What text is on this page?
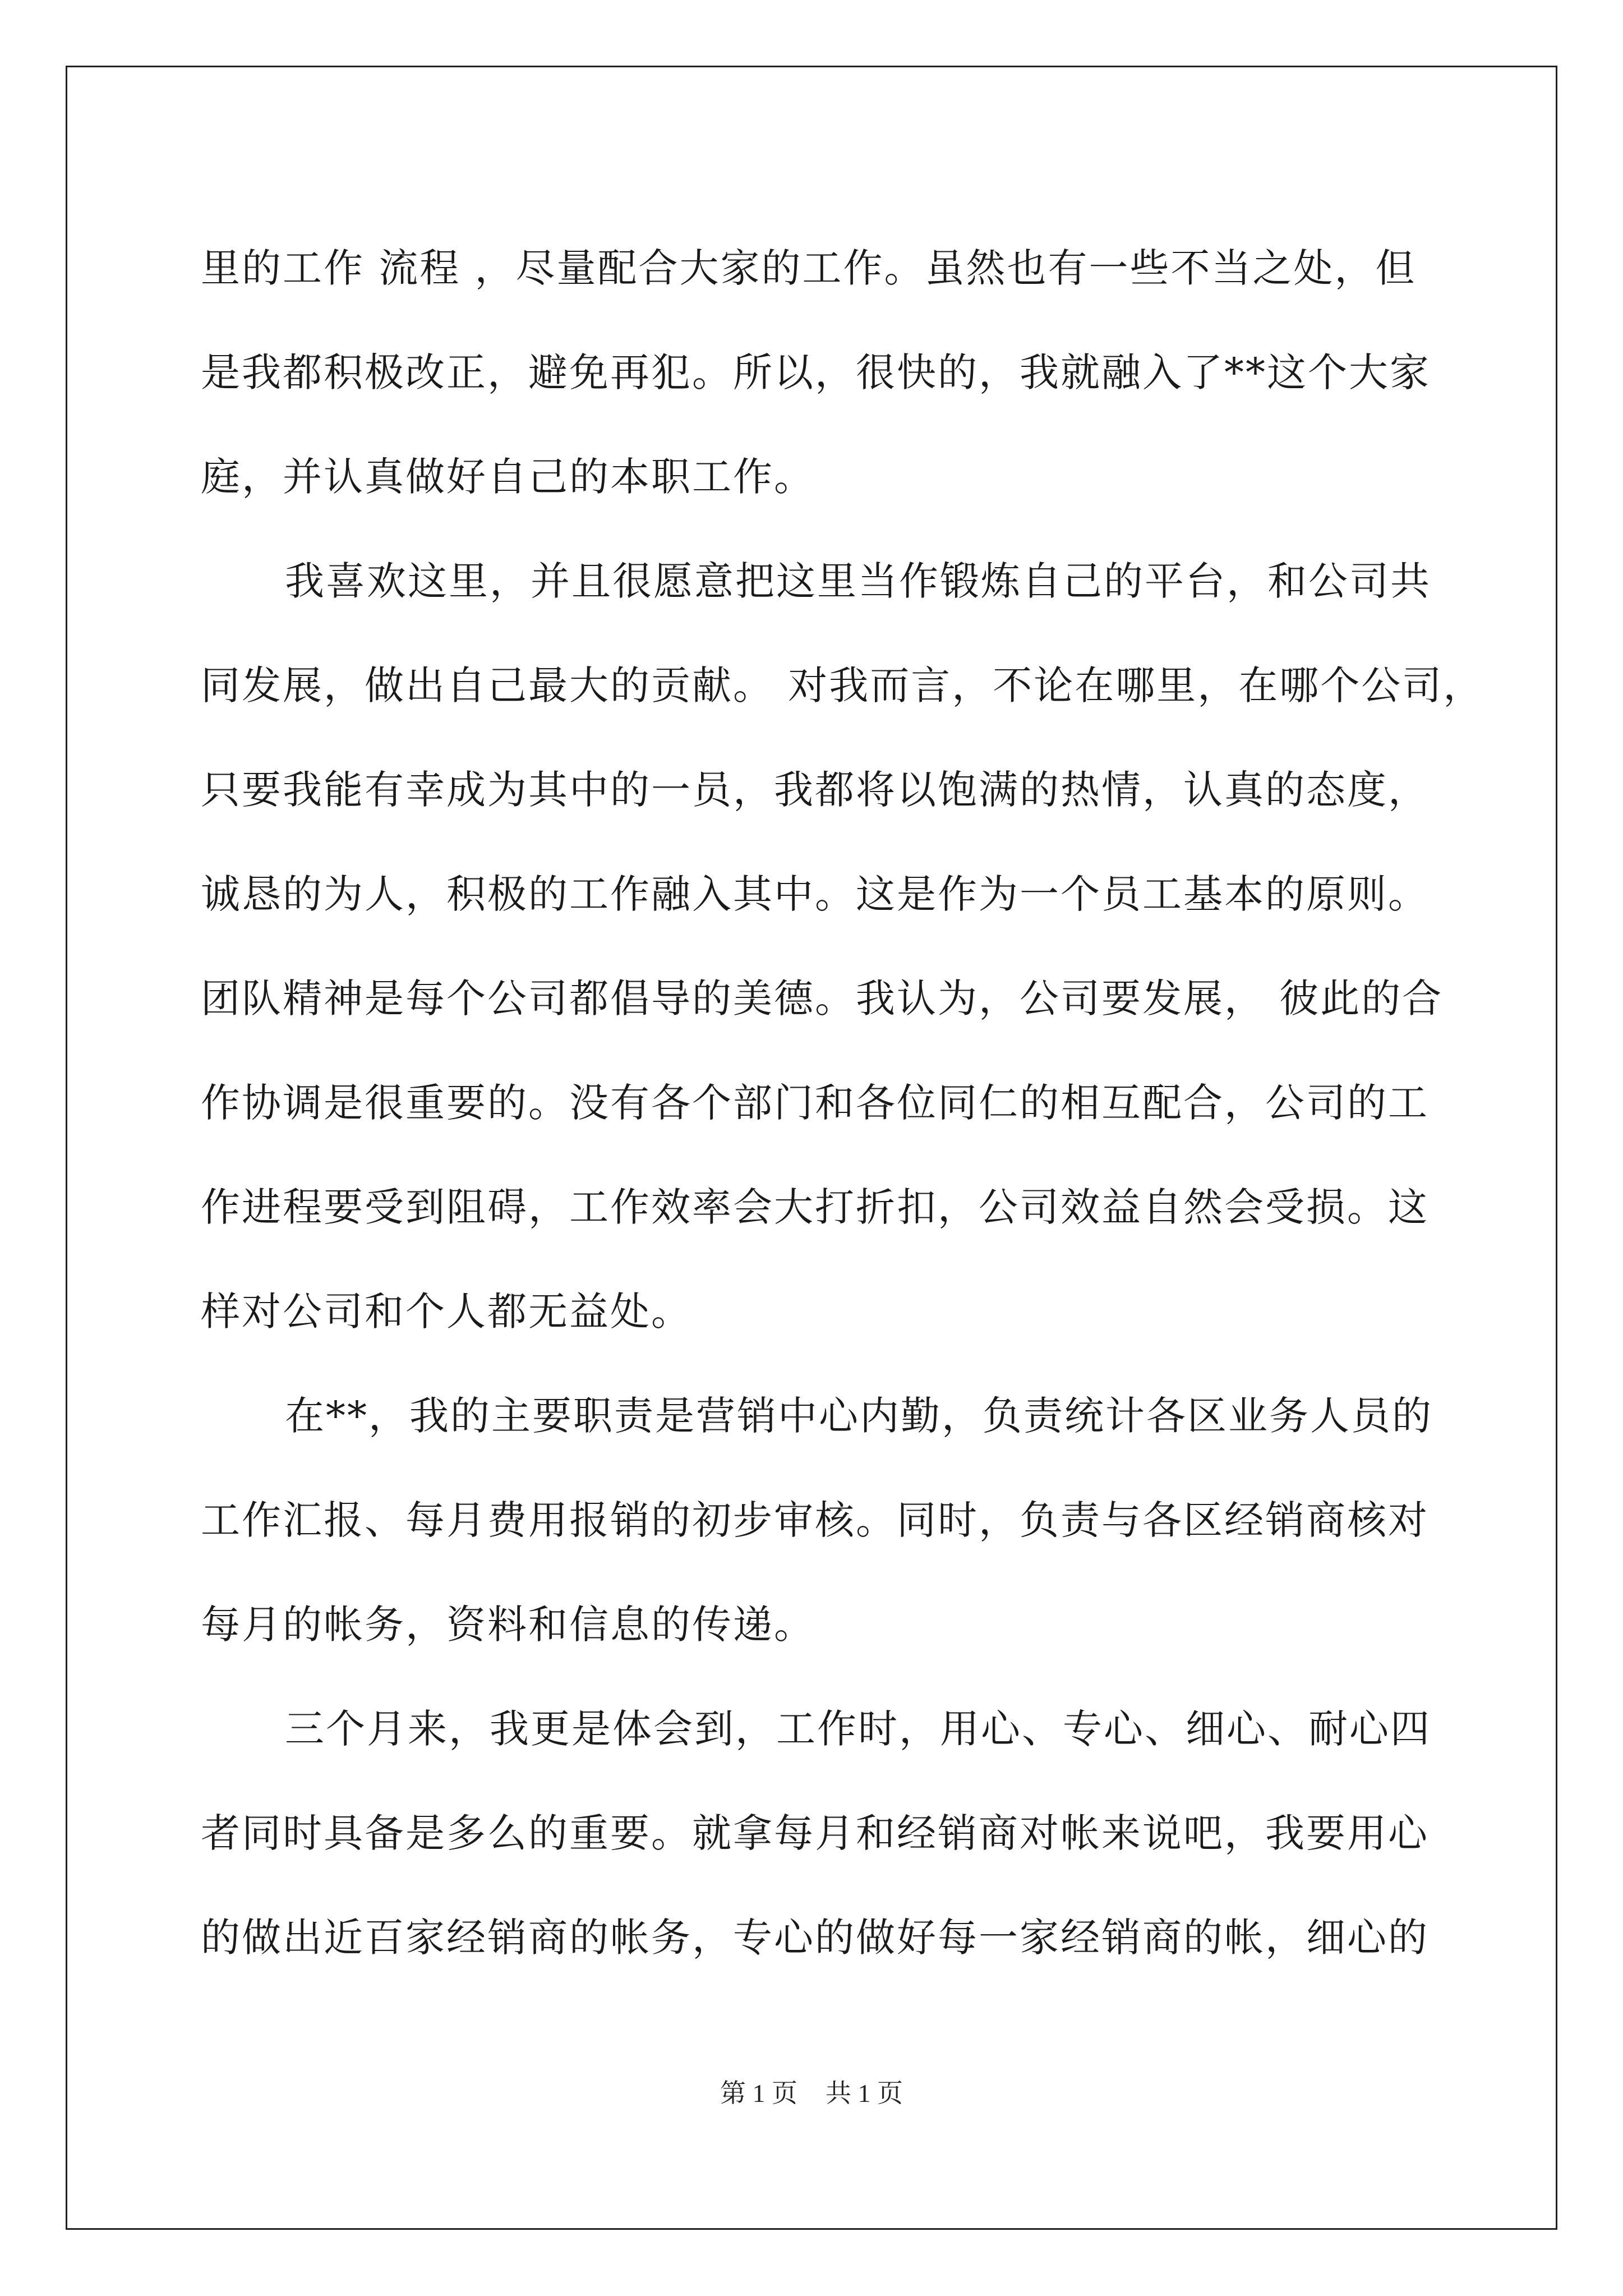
里的工作 流程 ，尽量配合大家的工作。虽然也有一些不当之处，但
是我都积极改正，避免再犯。所以，很快的，我就融入了**这个大家
庭，并认真做好自己的本职工作。
我喜欢这里，并且很愿意把这里当作锻炼自己的平台，和公司共
同发展，做出自己最大的贡献。 对我而言，不论在哪里，在哪个公司，
只要我能有幸成为其中的一员，我都将以饱满的热情，认真的态度，
诚恳的为人，积极的工作融入其中。这是作为一个员工基本的原则。
团队精神是每个公司都倡导的美德。我认为，公司要发展， 彼此的合
作协调是很重要的。没有各个部门和各位同仁的相互配合，公司的工
作进程要受到阻碍，工作效率会大打折扣，公司效益自然会受损。这
样对公司和个人都无益处。
在**，我的主要职责是营销中心内勤，负责统计各区业务人员的
工作汇报、每月费用报销的初步审核。同时，负责与各区经销商核对
每月的帐务，资料和信息的传递。
三个月来，我更是体会到，工作时，用心、专心、细心、耐心四
者同时具备是多么的重要。就拿每月和经销商对帐来说吧，我要用心
的做出近百家经销商的帐务，专心的做好每一家经销商的帐，细心的
第 1 页 共 1 页
